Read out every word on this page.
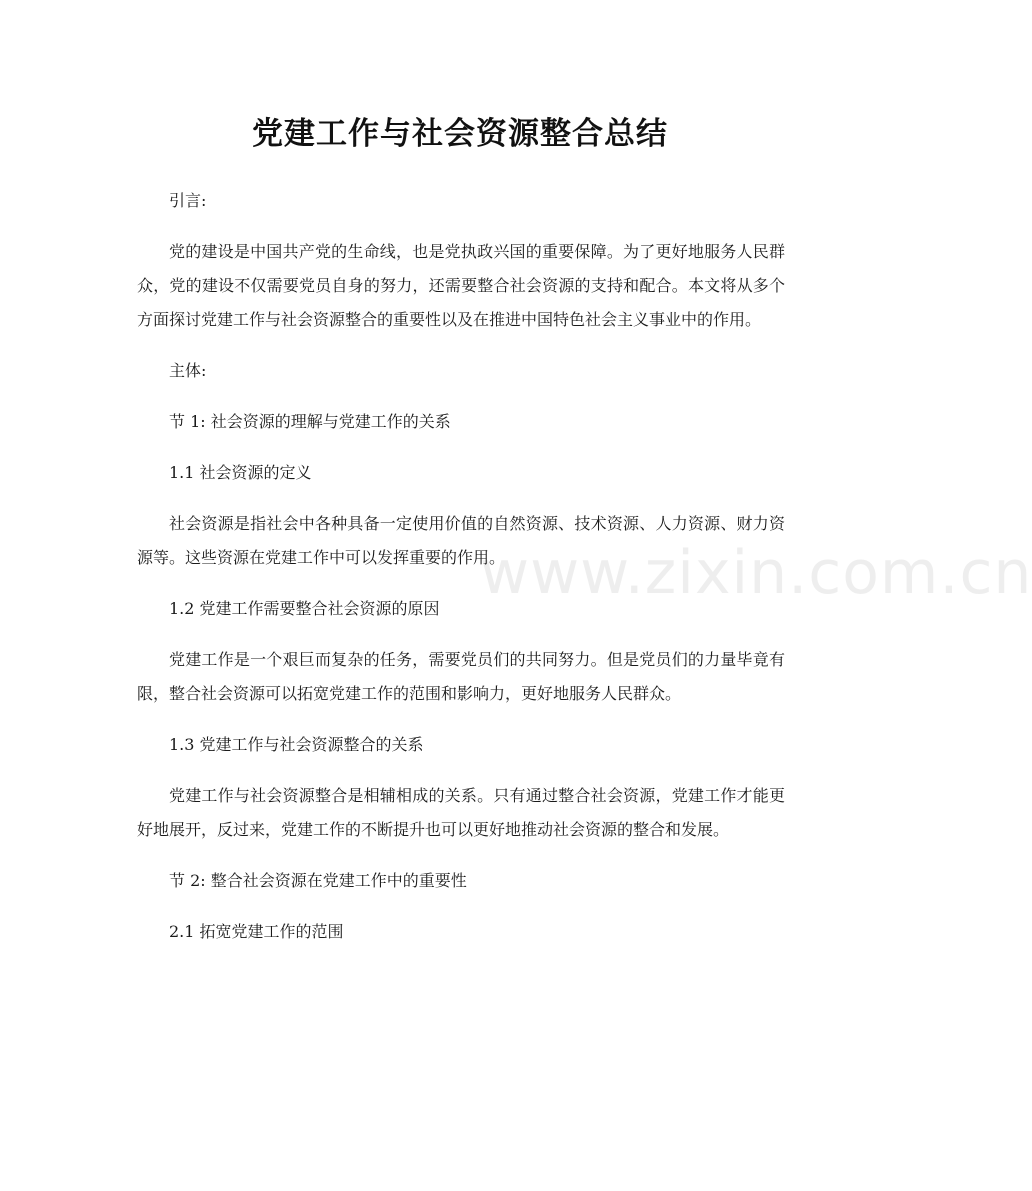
www.zixin.com.cn
党建工作与社会资源整合总结

引言:

党的建设是中国共产党的生命线，也是党执政兴国的重要保障。为了更好地服务人民群众，党的建设不仅需要党员自身的努力，还需要整合社会资源的支持和配合。本文将从多个方面探讨党建工作与社会资源整合的重要性以及在推进中国特色社会主义事业中的作用。

主体:

节 1: 社会资源的理解与党建工作的关系

1.1 社会资源的定义

社会资源是指社会中各种具备一定使用价值的自然资源、技术资源、人力资源、财力资源等。这些资源在党建工作中可以发挥重要的作用。

1.2 党建工作需要整合社会资源的原因

党建工作是一个艰巨而复杂的任务，需要党员们的共同努力。但是党员们的力量毕竟有限，整合社会资源可以拓宽党建工作的范围和影响力，更好地服务人民群众。

1.3 党建工作与社会资源整合的关系

党建工作与社会资源整合是相辅相成的关系。只有通过整合社会资源，党建工作才能更好地展开，反过来，党建工作的不断提升也可以更好地推动社会资源的整合和发展。

节 2: 整合社会资源在党建工作中的重要性

2.1 拓宽党建工作的范围
